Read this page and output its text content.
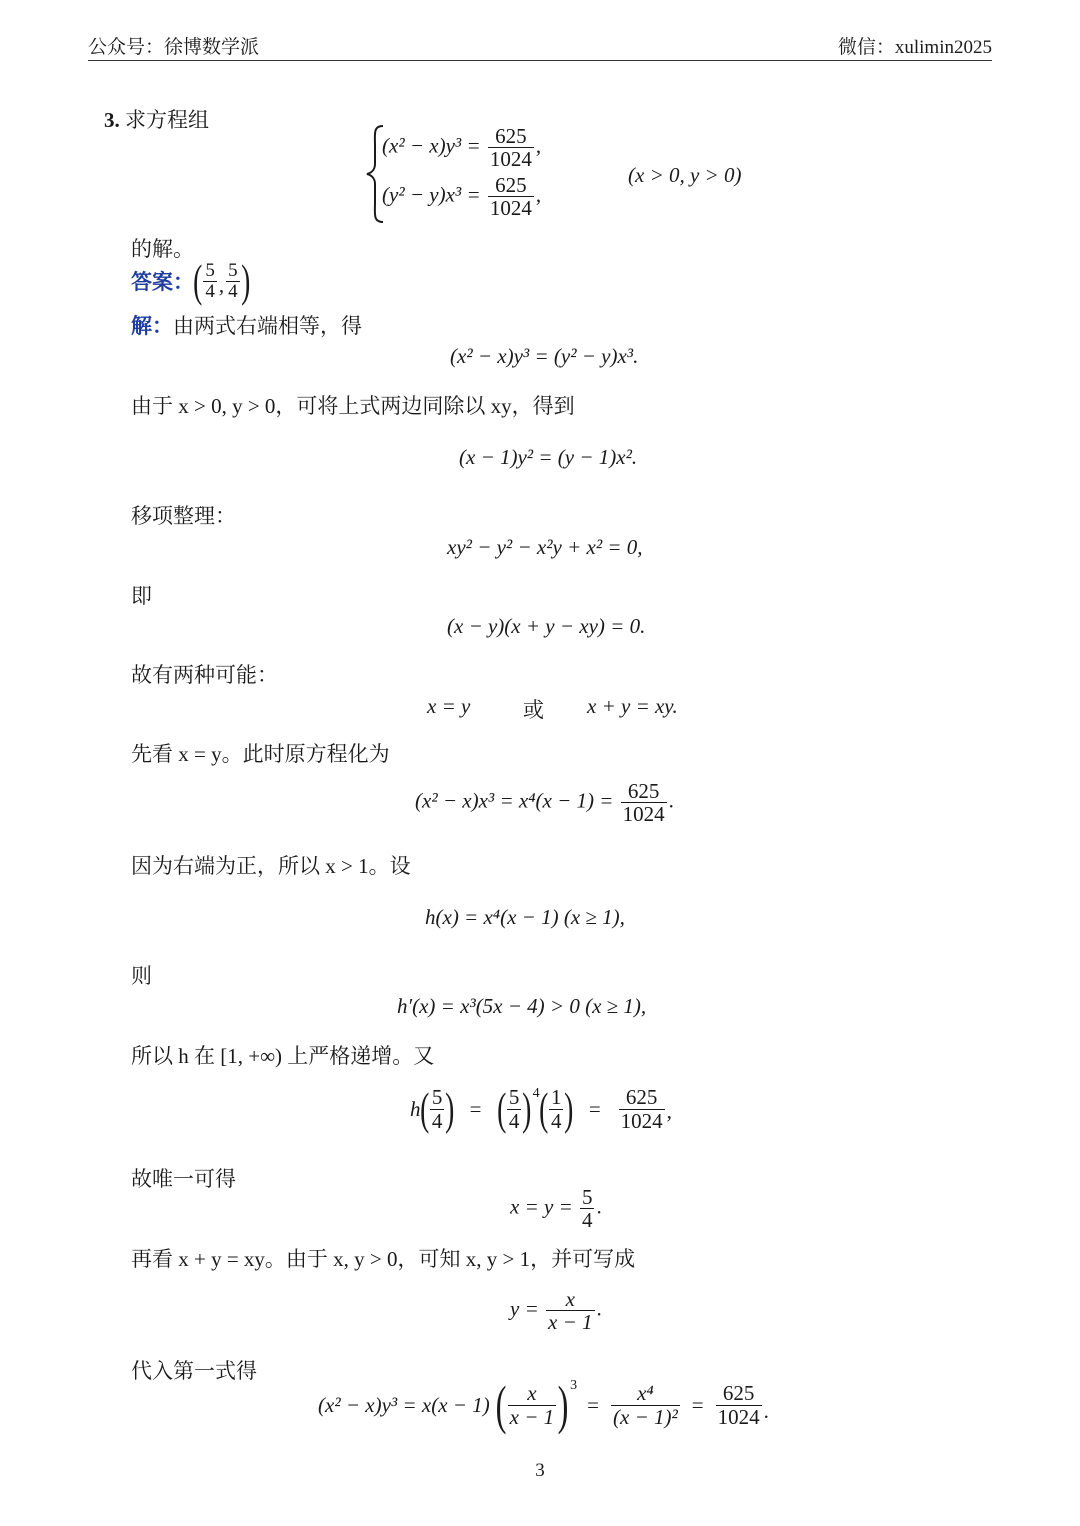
公众号：徐博数学派	微信：xulimin2025
3. 求方程组
$(x^2 - x)y^3 = \frac{625}{1024}$ ,
$(y^2 - y)x^3 = \frac{625}{1024}$ ,
(x > 0, y > 0)
的解。
答案： ( $\frac{5}{4}$ , $\frac{5}{4}$ )
解：由两式右端相等，得
(x² − x)y³ = (y² − y)x³.
由于 x > 0, y > 0，可将上式两边同除以 xy，得到
(x − 1)y² = (y − 1)x².
移项整理：
xy² − y² − x²y + x² = 0,
即
(x − y)(x + y − xy) = 0.
故有两种可能：
x = y	或 x + y = xy.
先看 x = y。此时原方程化为
$(x^2 - x)x^3 = x^4(x - 1) = \frac{625}{1024}$ .
因为右端为正，所以 x > 1。设
h(x) = x⁴(x − 1) (x ≥ 1),
则
h′(x) = x³(5x − 4) > 0 (x ≥ 1),
所以 h 在 [1, +∞) 上严格递增。又
h ( $\frac{5}{4}$ ) = ( $\frac{5}{4}$ ) 4 ( $\frac{1}{4}$ ) = $\frac{625}{1024}$ ,
故唯一可得
$x = y = \frac{5}{4}$ .
再看 x + y = xy。由于 x, y > 0，可知 x, y > 1，并可写成
$y = \frac{x}{x - 1}$ .
代入第一式得
(x² − x)y³ = x(x − 1) ( $\frac{x}{x - 1}$ ) 3
= $\frac{\text{x⁴}}{\text{(x − 1)²}} = \frac{625}{1024}$ .
3
